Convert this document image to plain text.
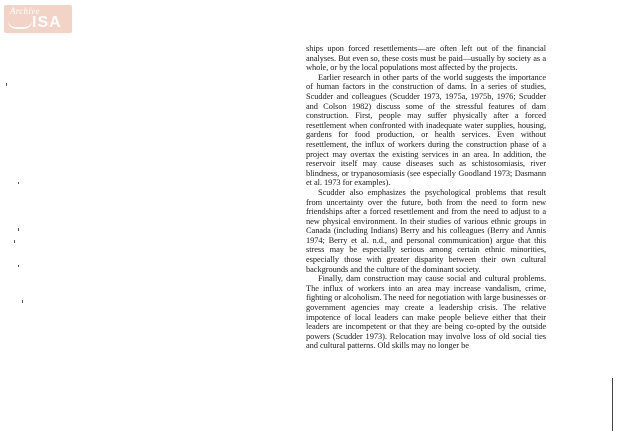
Archive
ISA

ships upon forced resettlements—are often left out of the financial analyses. But even so, these costs must be paid—usually by society as a whole, or by the local populations most affected by the projects.

Earlier research in other parts of the world suggests the importance of human factors in the construction of dams. In a series of studies, Scudder and colleagues (Scudder 1973, 1975a, 1975b, 1976; Scudder and Colson 1982) discuss some of the stressful features of dam construction. First, people may suffer physically after a forced resettlement when confronted with inadequate water supplies, housing, gardens for food production, or health services. Even without resettlement, the influx of workers during the construction phase of a project may overtax the existing services in an area. In addition, the reservoir itself may cause diseases such as schistosomiasis, river blindness, or trypanosomiasis (see especially Goodland 1973; Dasmann et al. 1973 for examples).

Scudder also emphasizes the psychological problems that result from uncertainty over the future, both from the need to form new friendships after a forced resettlement and from the need to adjust to a new physical environment. In their studies of various ethnic groups in Canada (including Indians) Berry and his colleagues (Berry and Annis 1974; Berry et al. n.d., and personal communication) argue that this stress may be especially serious among certain ethnic minorities, especially those with greater disparity between their own cultural backgrounds and the culture of the dominant society.

Finally, dam construction may cause social and cultural problems. The influx of workers into an area may increase vandalism, crime, fighting or alcoholism. The need for negotiation with large businesses or government agencies may create a leadership crisis. The relative impotence of local leaders can make people believe either that their leaders are incompetent or that they are being co-opted by the outside powers (Scudder 1973). Relocation may involve loss of old social ties and cultural patterns. Old skills may no longer be
